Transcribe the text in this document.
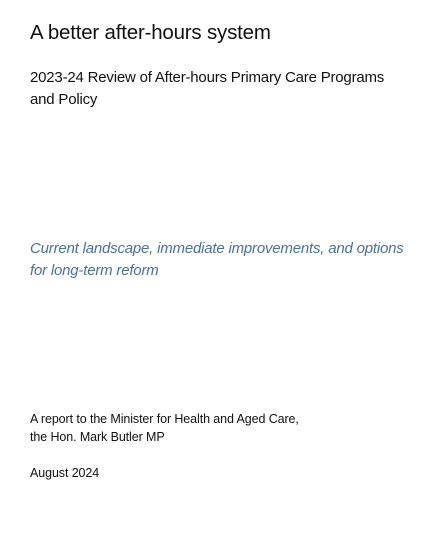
A better after-hours system

2023-24 Review of After-hours Primary Care Programs and Policy

Current landscape, immediate improvements, and options for long-term reform

A report to the Minister for Health and Aged Care,
the Hon. Mark Butler MP

August 2024
